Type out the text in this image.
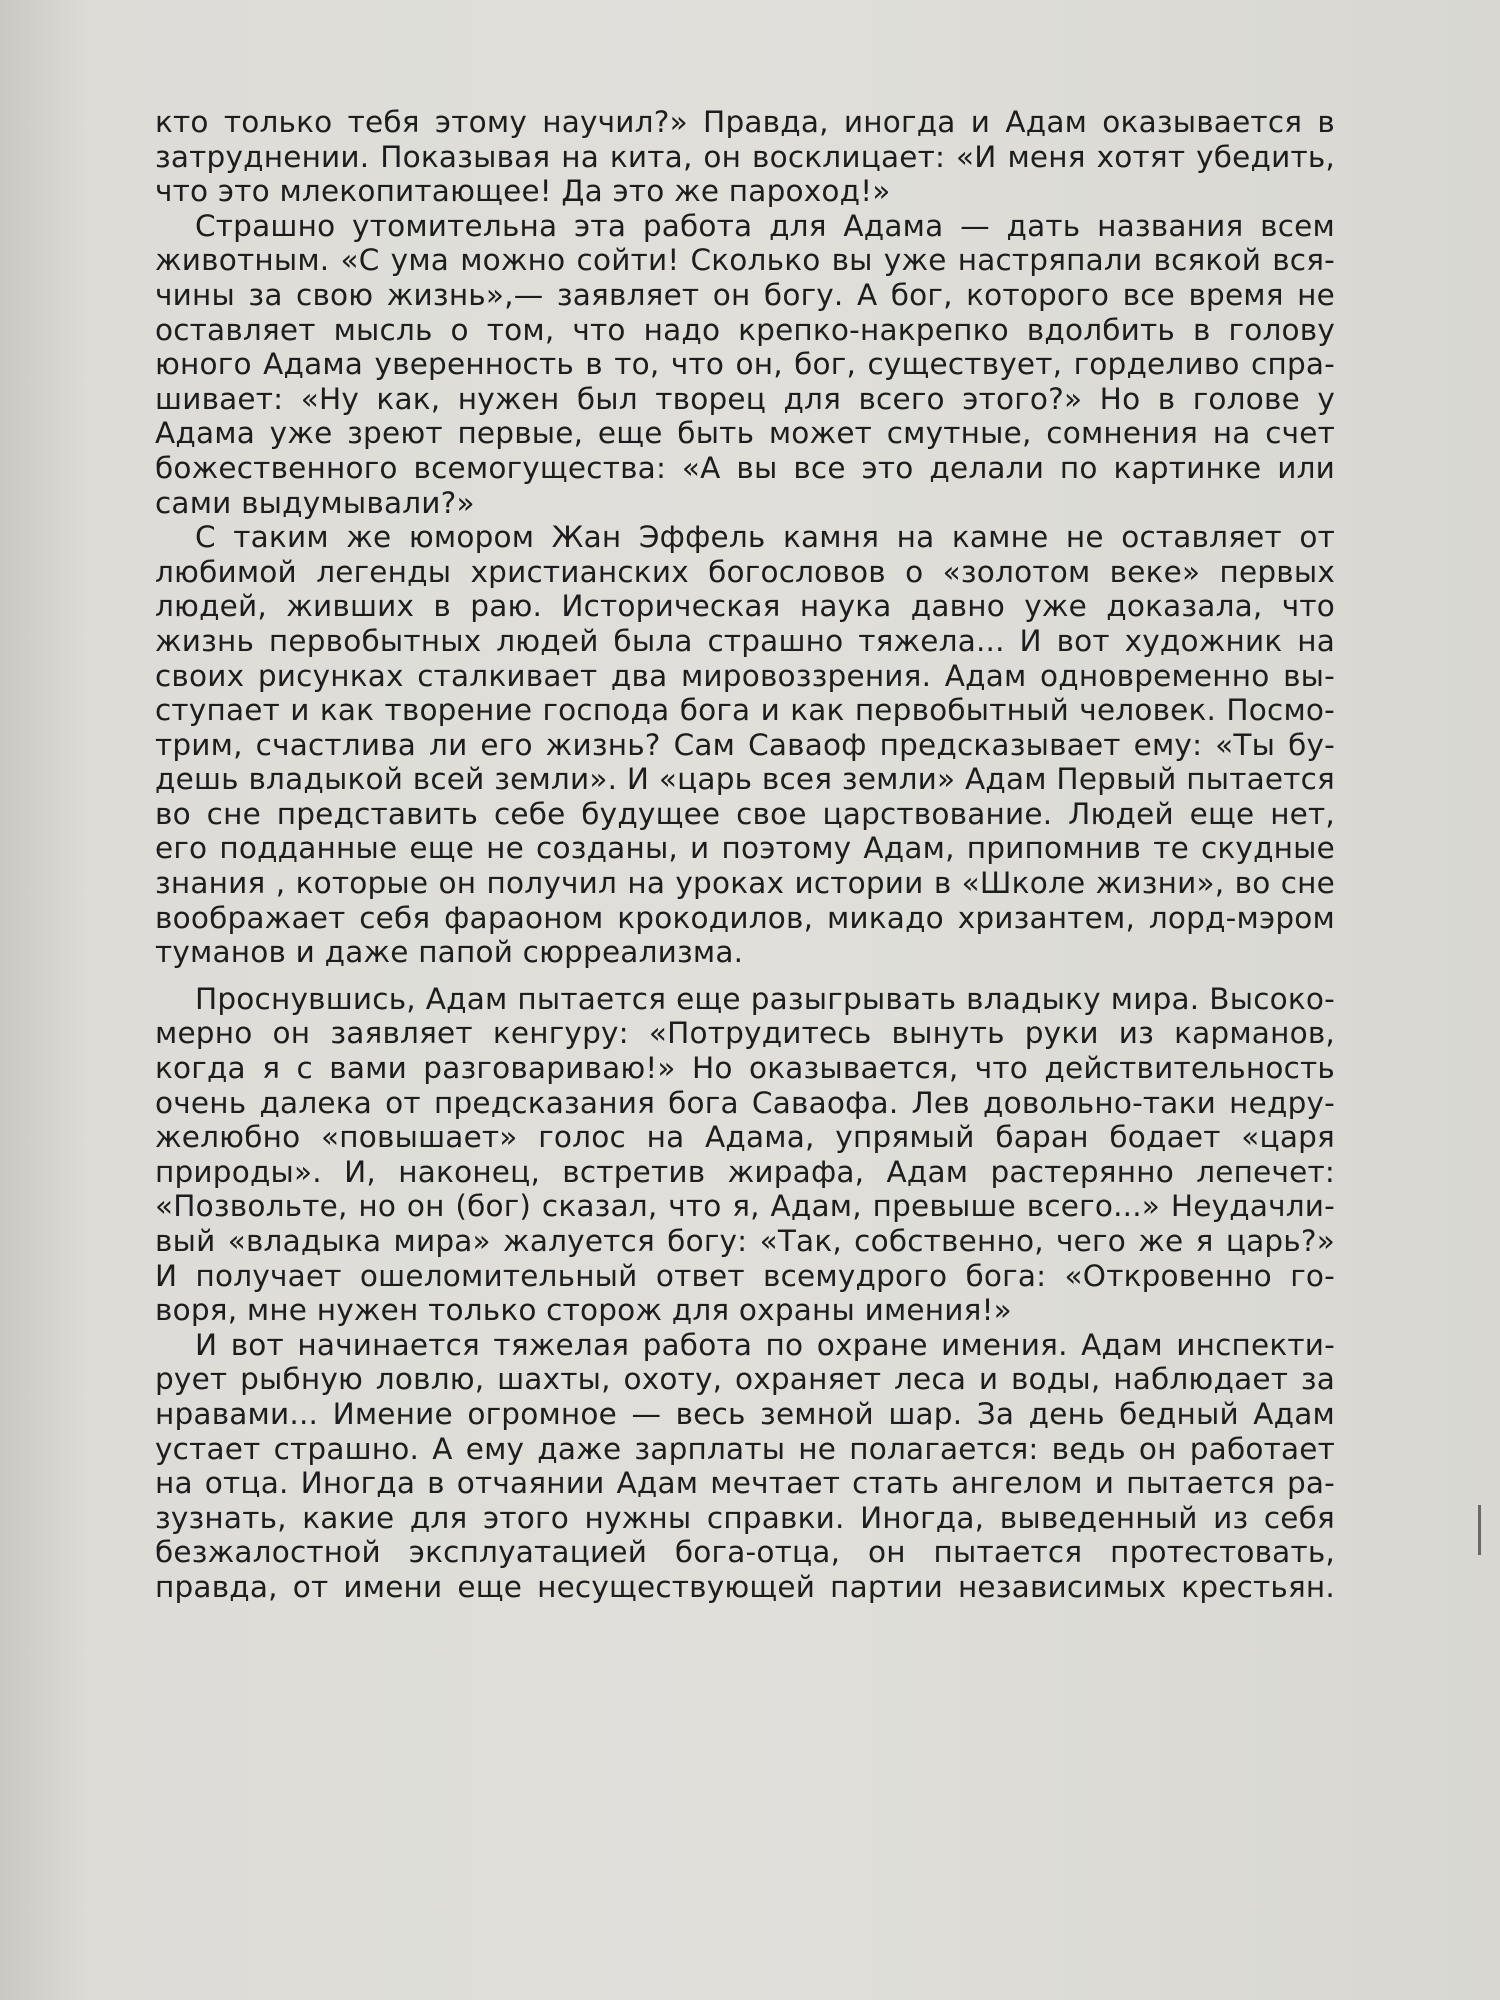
кто только тебя этому научил?» Правда, иногда и Адам оказывается в
затруднении. Показывая на кита, он восклицает: «И меня хотят убедить,
что это млекопитающее! Да это же пароход!»
Страшно утомительна эта работа для Адама — дать названия всем
животным. «С ума можно сойти! Сколько вы уже настряпали всякой вся-
чины за свою жизнь»,— заявляет он богу. А бог, которого все время не
оставляет мысль о том, что надо крепко-накрепко вдолбить в голову
юного Адама уверенность в то, что он, бог, существует, горделиво спра-
шивает: «Ну как, нужен был творец для всего этого?» Но в голове у
Адама уже зреют первые, еще быть может смутные, сомнения на счет
божественного всемогущества: «А вы все это делали по картинке или
сами выдумывали?»
С таким же юмором Жан Эффель камня на камне не оставляет от
любимой легенды христианских богословов о «золотом веке» первых
людей, живших в раю. Историческая наука давно уже доказала, что
жизнь первобытных людей была страшно тяжела... И вот художник на
своих рисунках сталкивает два мировоззрения. Адам одновременно вы-
ступает и как творение господа бога и как первобытный человек. Посмо-
трим, счастлива ли его жизнь? Сам Саваоф предсказывает ему: «Ты бу-
дешь владыкой всей земли». И «царь всея земли» Адам Первый пытается
во сне представить себе будущее свое царствование. Людей еще нет,
его подданные еще не созданы, и поэтому Адам, припомнив те скудные
знания , которые он получил на уроках истории в «Школе жизни», во сне
воображает себя фараоном крокодилов, микадо хризантем, лорд-мэром
туманов и даже папой сюрреализма.
Проснувшись, Адам пытается еще разыгрывать владыку мира. Высоко-
мерно он заявляет кенгуру: «Потрудитесь вынуть руки из карманов,
когда я с вами разговариваю!» Но оказывается, что действительность
очень далека от предсказания бога Саваофа. Лев довольно-таки недру-
желюбно «повышает» голос на Адама, упрямый баран бодает «царя
природы». И, наконец, встретив жирафа, Адам растерянно лепечет:
«Позвольте, но он (бог) сказал, что я, Адам, превыше всего...» Неудачли-
вый «владыка мира» жалуется богу: «Так, собственно, чего же я царь?»
И получает ошеломительный ответ всемудрого бога: «Откровенно го-
воря, мне нужен только сторож для охраны имения!»
И вот начинается тяжелая работа по охране имения. Адам инспекти-
рует рыбную ловлю, шахты, охоту, охраняет леса и воды, наблюдает за
нравами... Имение огромное — весь земной шар. За день бедный Адам
устает страшно. А ему даже зарплаты не полагается: ведь он работает
на отца. Иногда в отчаянии Адам мечтает стать ангелом и пытается ра-
зузнать, какие для этого нужны справки. Иногда, выведенный из себя
безжалостной эксплуатацией бога-отца, он пытается протестовать,
правда, от имени еще несуществующей партии независимых крестьян.
